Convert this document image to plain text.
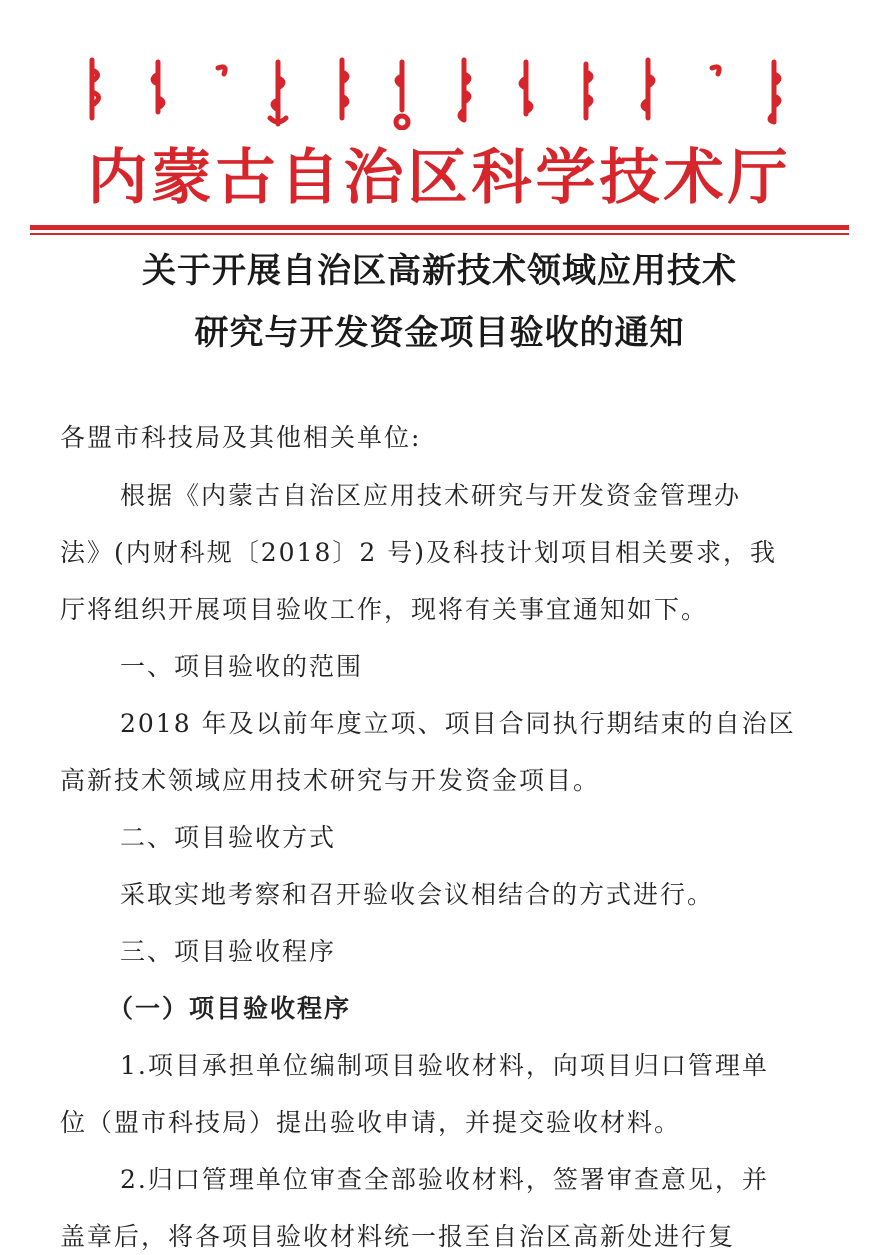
内蒙古自治区科学技术厅
关于开展自治区高新技术领域应用技术
研究与开发资金项目验收的通知

各盟市科技局及其他相关单位:

根据《内蒙古自治区应用技术研究与开发资金管理办

法》(内财科规〔2018〕2 号)及科技计划项目相关要求，我

厅将组织开展项目验收工作，现将有关事宜通知如下。

一、项目验收的范围

2018 年及以前年度立项、项目合同执行期结束的自治区

高新技术领域应用技术研究与开发资金项目。

二、项目验收方式

采取实地考察和召开验收会议相结合的方式进行。

三、项目验收程序

（一）项目验收程序

1.项目承担单位编制项目验收材料，向项目归口管理单

位（盟市科技局）提出验收申请，并提交验收材料。

2.归口管理单位审查全部验收材料，签署审查意见，并

盖章后，将各项目验收材料统一报至自治区高新处进行复
